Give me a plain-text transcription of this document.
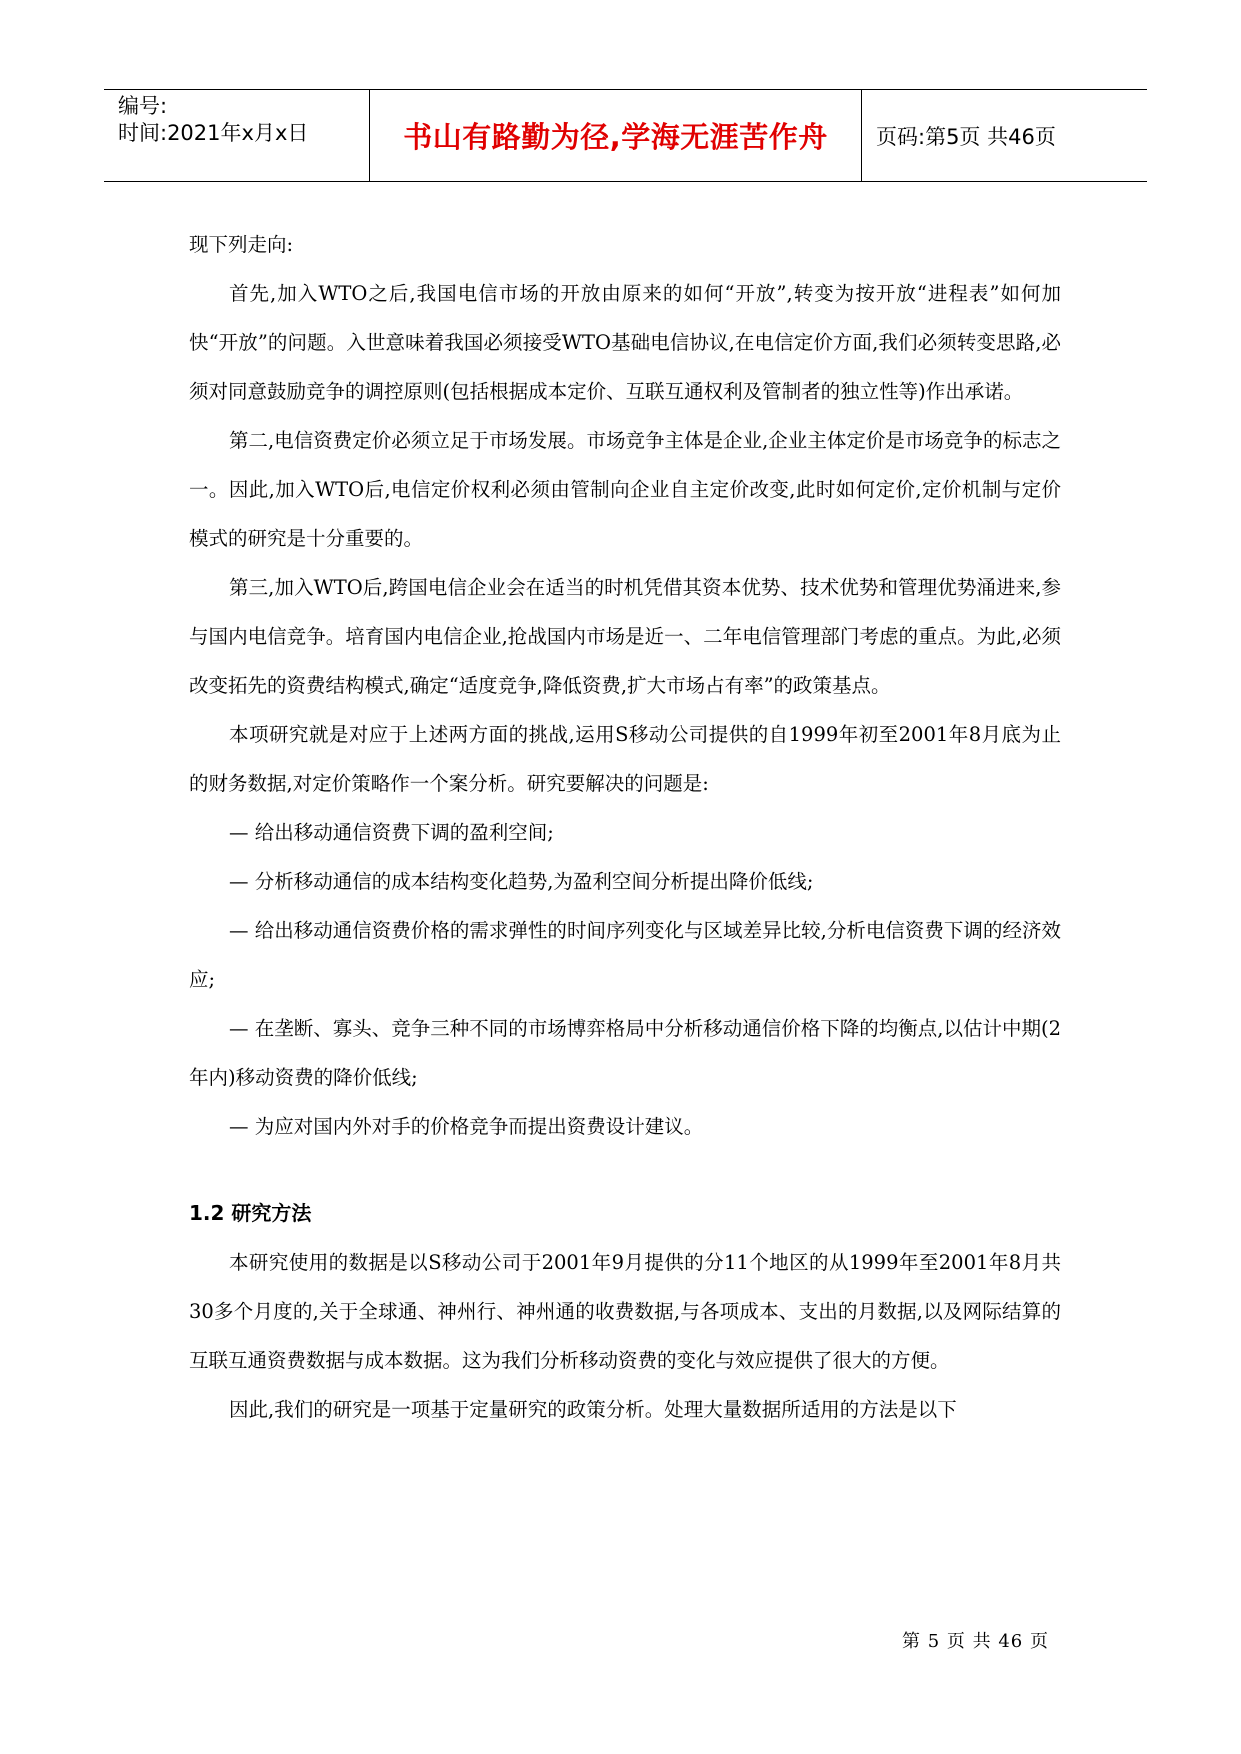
编号:
时间:2021年x月x日	书山有路勤为径,学海无涯苦作舟 页码:第5页 共46页

现下列走向:

首先,加入WTO之后,我国电信市场的开放由原来的如何“开放”,转变为按开放“进程表”如何加快“开放”的问题。入世意味着我国必须接受WTO基础电信协议,在电信定价方面,我们必须转变思路,必须对同意鼓励竞争的调控原则(包括根据成本定价、互联互通权利及管制者的独立性等)作出承诺。

第二,电信资费定价必须立足于市场发展。市场竞争主体是企业,企业主体定价是市场竞争的标志之一。因此,加入WTO后,电信定价权利必须由管制向企业自主定价改变,此时如何定价,定价机制与定价模式的研究是十分重要的。

第三,加入WTO后,跨国电信企业会在适当的时机凭借其资本优势、技术优势和管理优势涌进来,参与国内电信竞争。培育国内电信企业,抢战国内市场是近一、二年电信管理部门考虑的重点。为此,必须改变拓先的资费结构模式,确定“适度竞争,降低资费,扩大市场占有率”的政策基点。

本项研究就是对应于上述两方面的挑战,运用S移动公司提供的自1999年初至2001年8月底为止的财务数据,对定价策略作一个案分析。研究要解决的问题是:

— 给出移动通信资费下调的盈利空间;

— 分析移动通信的成本结构变化趋势,为盈利空间分析提出降价低线;

— 给出移动通信资费价格的需求弹性的时间序列变化与区域差异比较,分析电信资费下调的经济效应;

— 在垄断、寡头、竞争三种不同的市场博弈格局中分析移动通信价格下降的均衡点,以估计中期(2年内)移动资费的降价低线;

— 为应对国内外对手的价格竞争而提出资费设计建议。

1.2 研究方法

本研究使用的数据是以S移动公司于2001年9月提供的分11个地区的从1999年至2001年8月共30多个月度的,关于全球通、神州行、神州通的收费数据,与各项成本、支出的月数据,以及网际结算的互联互通资费数据与成本数据。这为我们分析移动资费的变化与效应提供了很大的方便。

因此,我们的研究是一项基于定量研究的政策分析。处理大量数据所适用的方法是以下

第 5 页 共 46 页
